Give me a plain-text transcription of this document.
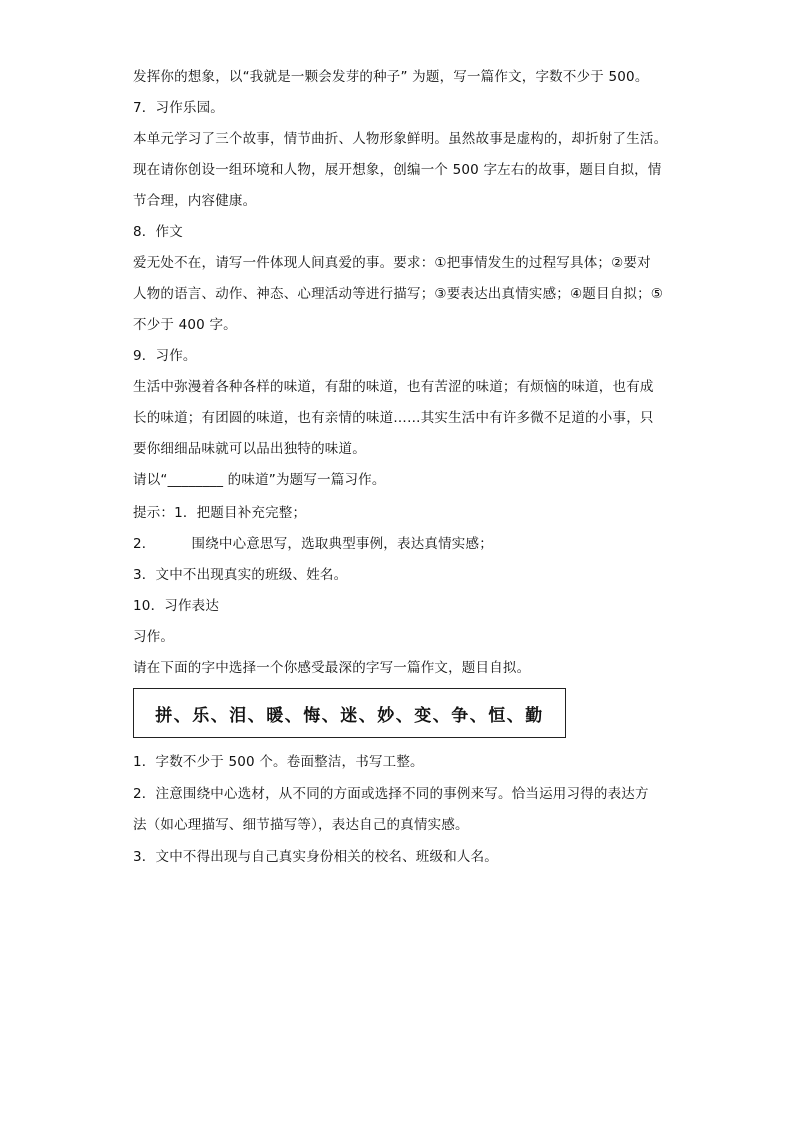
发挥你的想象，以“我就是一颗会发芽的种子” 为题，写一篇作文，字数不少于 500。
7．习作乐园。
本单元学习了三个故事，情节曲折、人物形象鲜明。虽然故事是虚构的，却折射了生活。
现在请你创设一组环境和人物，展开想象，创编一个 500 字左右的故事，题目自拟，情
节合理，内容健康。
8．作文
爱无处不在，请写一件体现人间真爱的事。要求：①把事情发生的过程写具体；②要对
人物的语言、动作、神态、心理活动等进行描写；③要表达出真情实感；④题目自拟；⑤
不少于 400 字。
9．习作。
生活中弥漫着各种各样的味道，有甜的味道，也有苦涩的味道；有烦恼的味道，也有成
长的味道；有团圆的味道，也有亲情的味道……其实生活中有许多微不足道的小事，只
要你细细品味就可以品出独特的味道。
请以“________ 的味道”为题写一篇习作。
提示：1．把题目补充完整；
2．	围绕中心意思写，选取典型事例，表达真情实感；
3．文中不出现真实的班级、姓名。
10．习作表达
习作。
请在下面的字中选择一个你感受最深的字写一篇作文，题目自拟。
拼、乐、泪、暖、悔、迷、妙、变、争、恒、勤
1．字数不少于 500 个。卷面整洁，书写工整。
2．注意围绕中心选材，从不同的方面或选择不同的事例来写。恰当运用习得的表达方
法（如心理描写、细节描写等），表达自己的真情实感。
3．文中不得出现与自己真实身份相关的校名、班级和人名。
